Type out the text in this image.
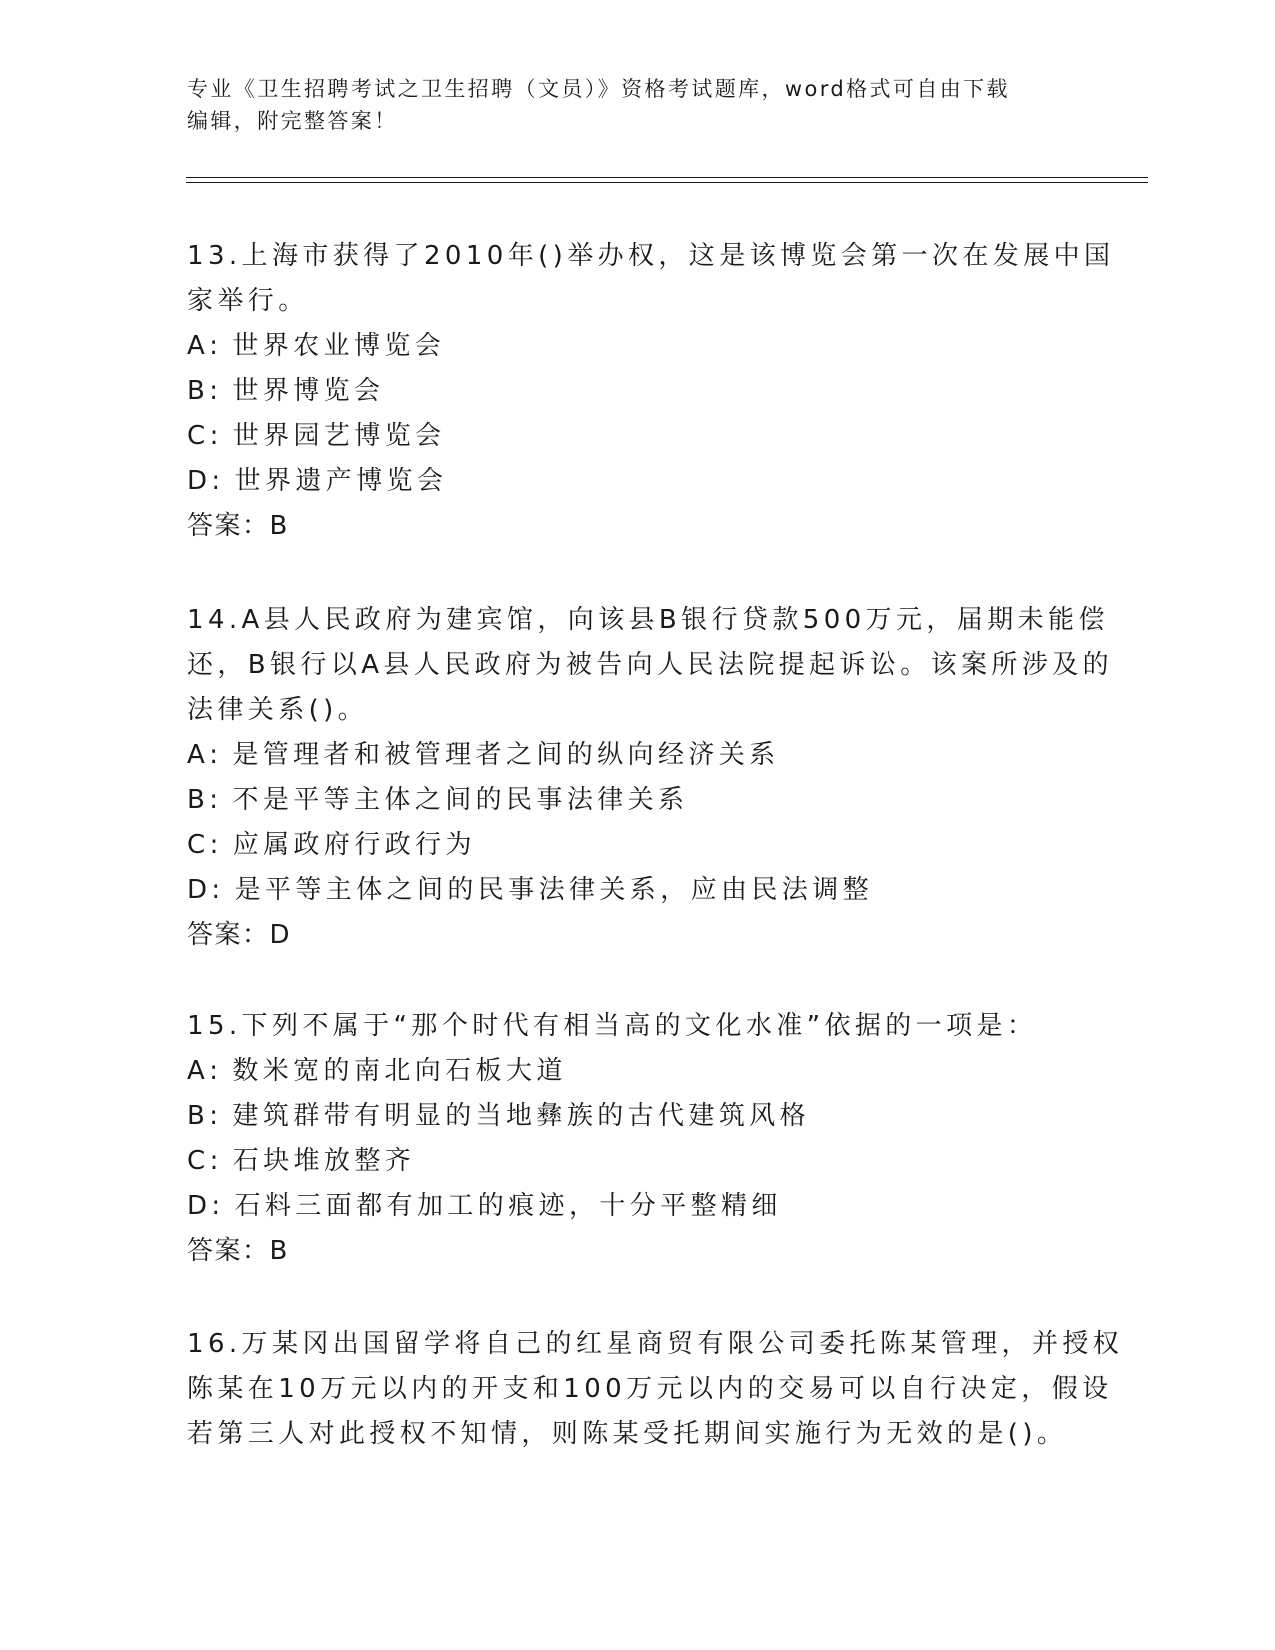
专业《卫生招聘考试之卫生招聘（文员）》资格考试题库，word格式可自由下载
编辑，附完整答案！
13.上海市获得了2010年()举办权，这是该博览会第一次在发展中国
家举行。
A: 世界农业博览会
B: 世界博览会
C: 世界园艺博览会
D: 世界遗产博览会
答案：B
14.A县人民政府为建宾馆，向该县B银行贷款500万元，届期未能偿
还，B银行以A县人民政府为被告向人民法院提起诉讼。该案所涉及的
法律关系()。
A: 是管理者和被管理者之间的纵向经济关系
B: 不是平等主体之间的民事法律关系
C: 应属政府行政行为
D: 是平等主体之间的民事法律关系，应由民法调整
答案：D
15.下列不属于“那个时代有相当高的文化水准”依据的一项是：
A: 数米宽的南北向石板大道
B: 建筑群带有明显的当地彝族的古代建筑风格
C: 石块堆放整齐
D: 石料三面都有加工的痕迹，十分平整精细
答案：B
16.万某冈出国留学将自己的红星商贸有限公司委托陈某管理，并授权
陈某在10万元以内的开支和100万元以内的交易可以自行决定，假设
若第三人对此授权不知情，则陈某受托期间实施行为无效的是()。
